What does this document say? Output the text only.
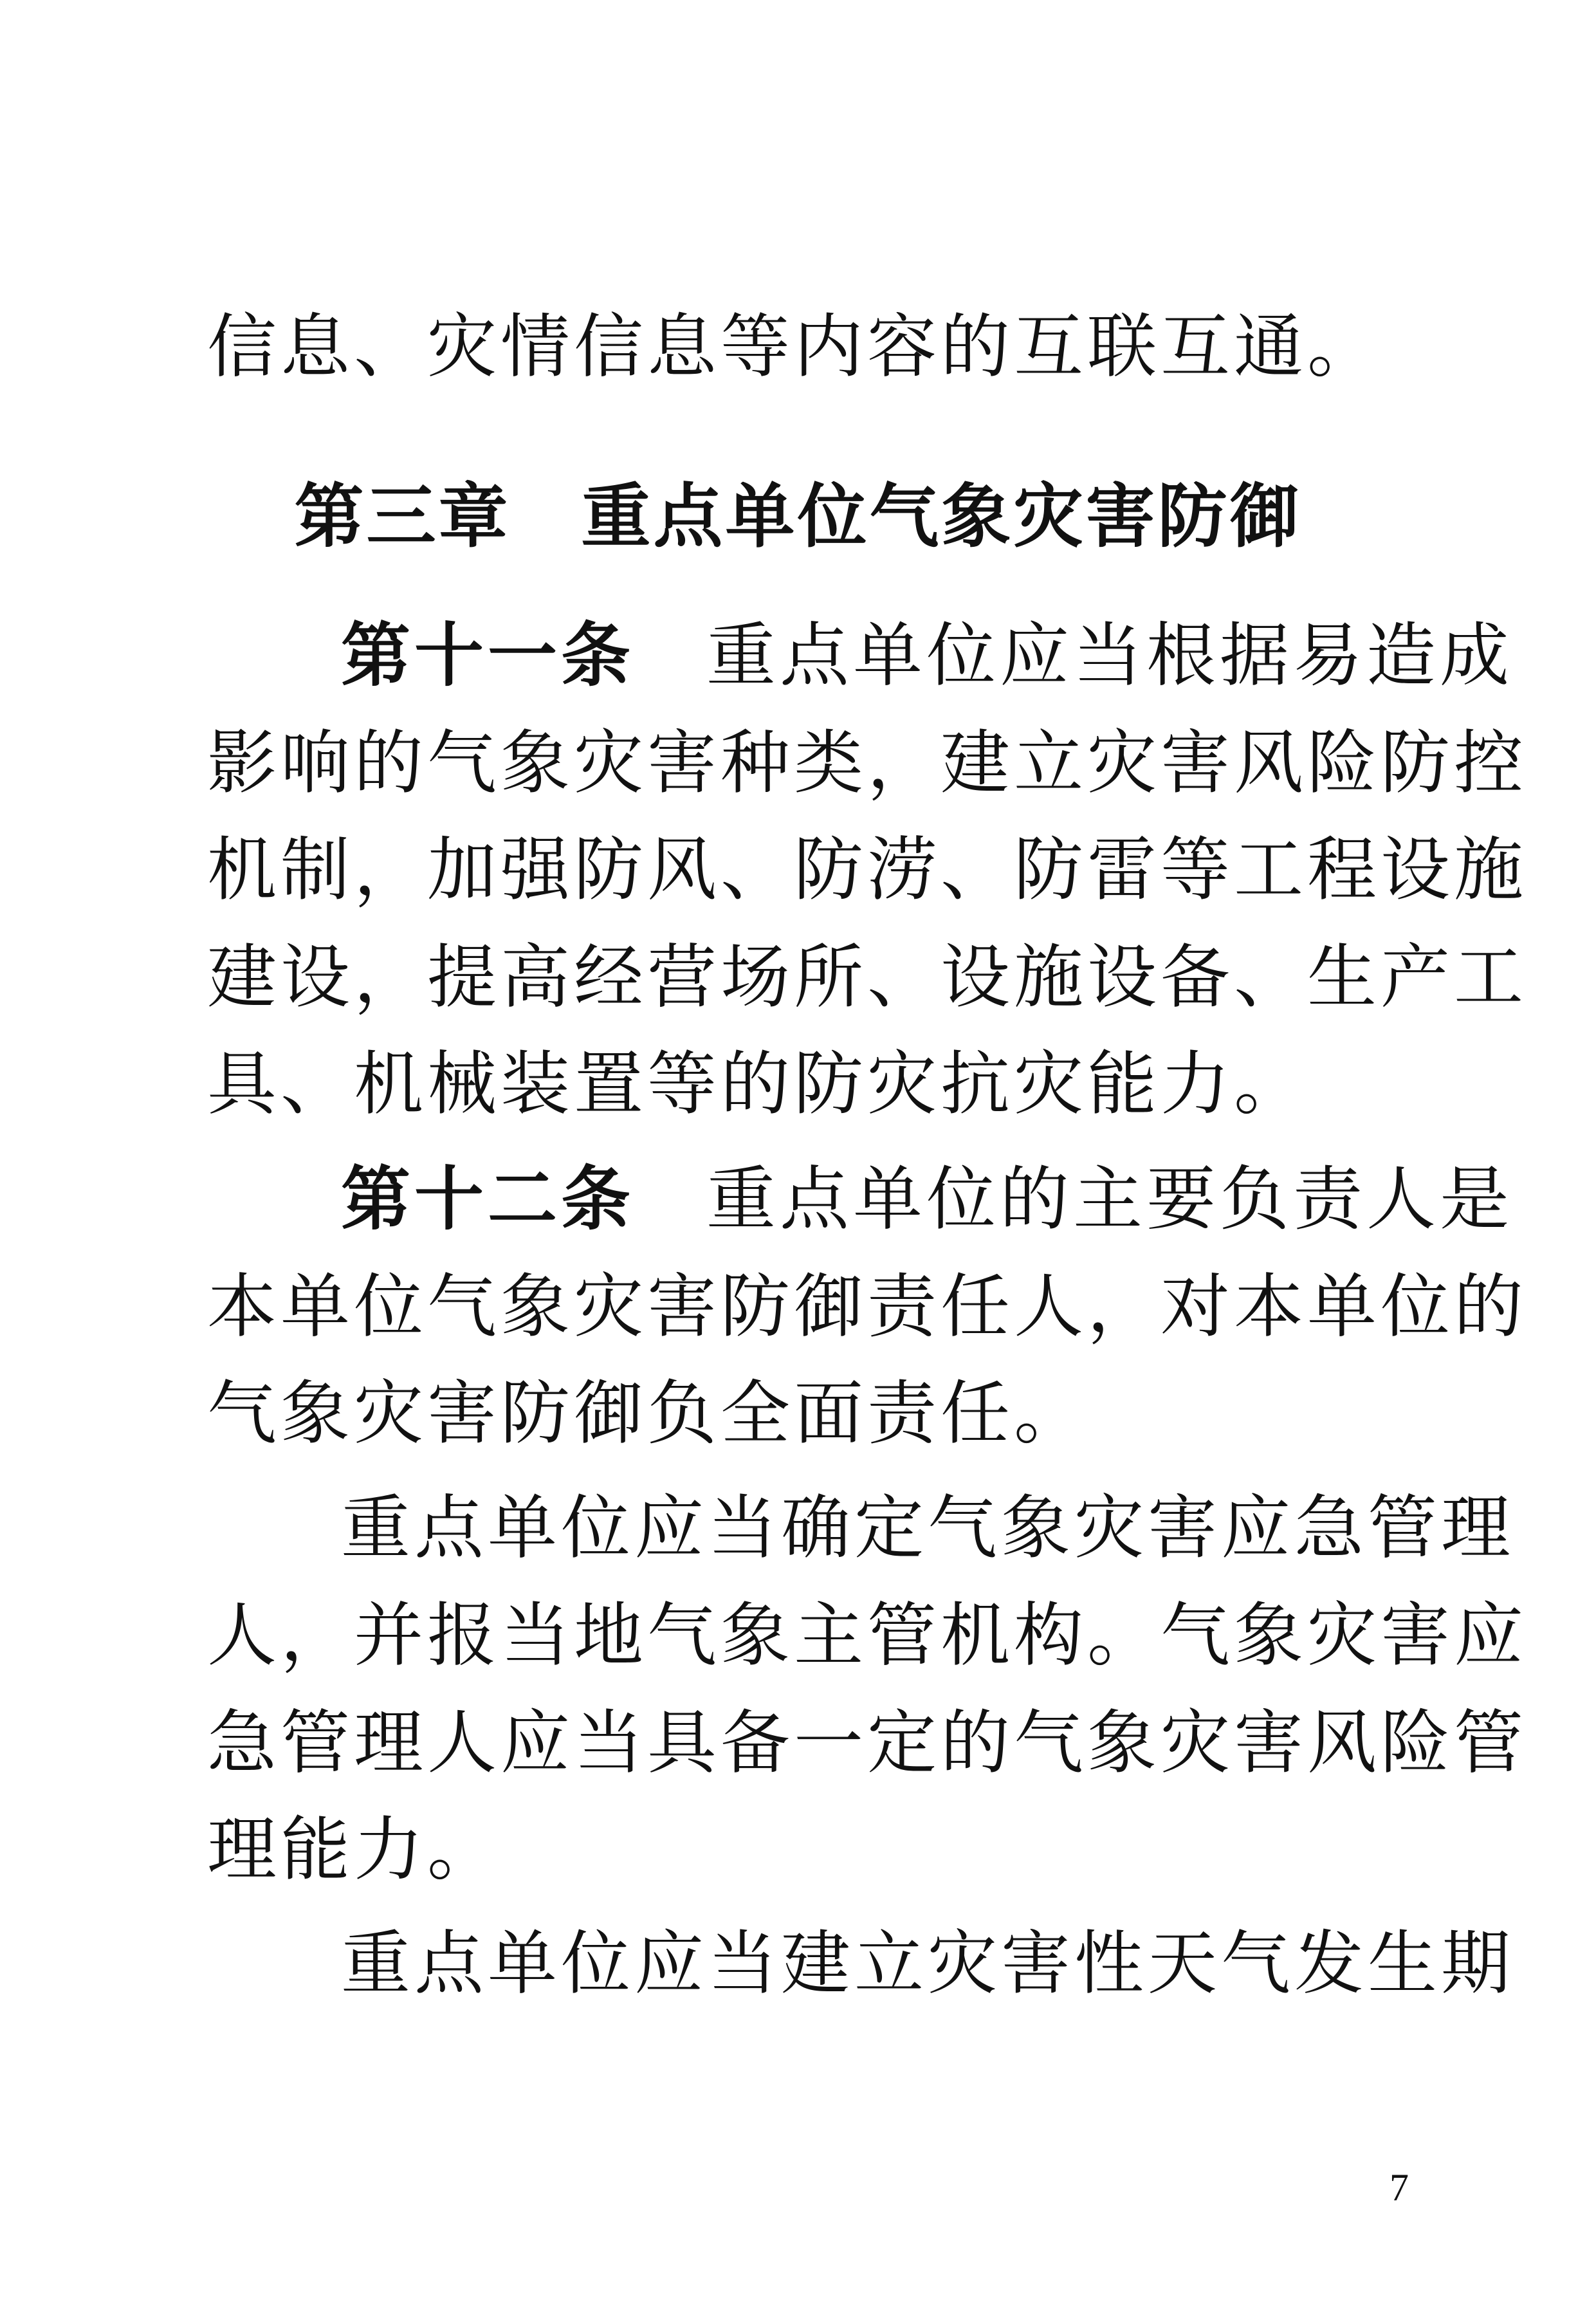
信息、灾情信息等内容的互联互通。
第三章 重点单位气象灾害防御
第十一条 重点单位应当根据易造成
影响的气象灾害种类，建立灾害风险防控
机制，加强防风、防涝、防雷等工程设施
建设，提高经营场所、设施设备、生产工
具、机械装置等的防灾抗灾能力。
第十二条 重点单位的主要负责人是
本单位气象灾害防御责任人，对本单位的
气象灾害防御负全面责任。
重点单位应当确定气象灾害应急管理
人，并报当地气象主管机构。气象灾害应
急管理人应当具备一定的气象灾害风险管
理能力。
重点单位应当建立灾害性天气发生期
7
